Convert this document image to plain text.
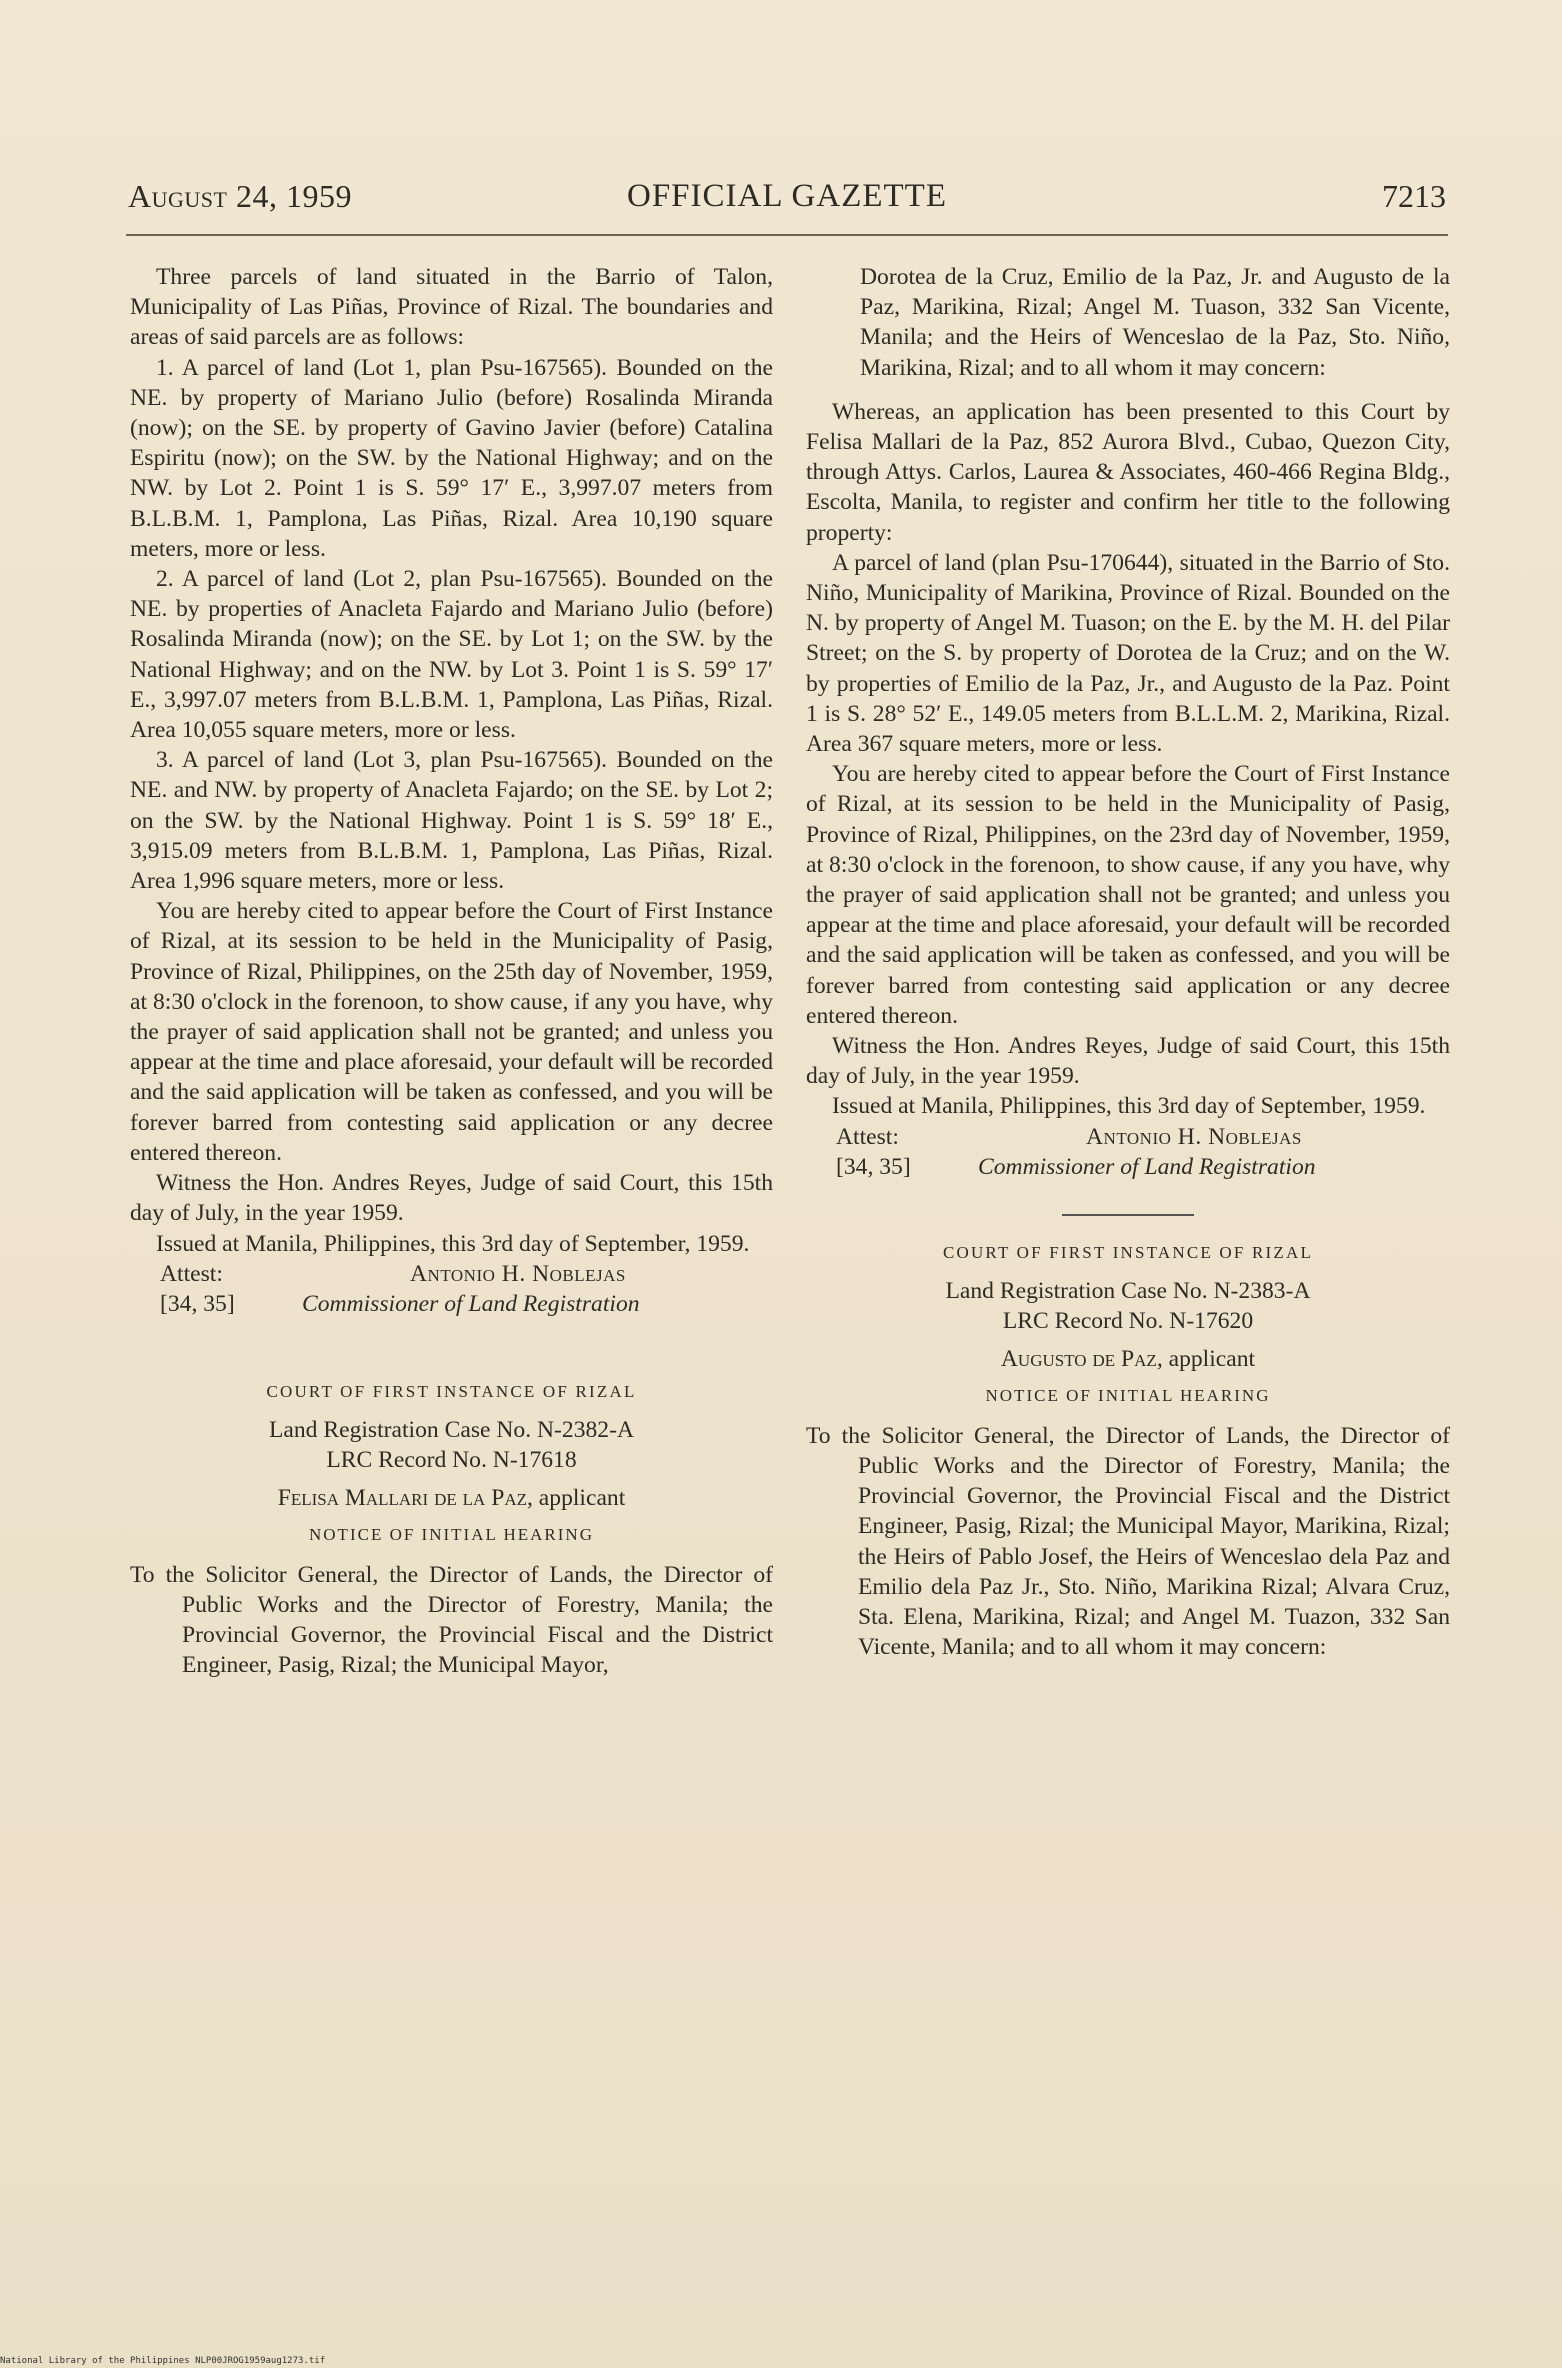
August 24, 1959	OFFICIAL GAZETTE	7213

Three parcels of land situated in the Barrio of Talon, Municipality of Las Piñas, Province of Rizal. The boundaries and areas of said parcels are as follows:

1. A parcel of land (Lot 1, plan Psu-167565). Bounded on the NE. by property of Mariano Julio (before) Rosalinda Miranda (now); on the SE. by property of Gavino Javier (before) Catalina Espiritu (now); on the SW. by the National Highway; and on the NW. by Lot 2. Point 1 is S. 59° 17′ E., 3,997.07 meters from B.L.B.M. 1, Pamplona, Las Piñas, Rizal. Area 10,190 square meters, more or less.

2. A parcel of land (Lot 2, plan Psu-167565). Bounded on the NE. by properties of Anacleta Fajardo and Mariano Julio (before) Rosalinda Miranda (now); on the SE. by Lot 1; on the SW. by the National Highway; and on the NW. by Lot 3. Point 1 is S. 59° 17′ E., 3,997.07 meters from B.L.B.M. 1, Pamplona, Las Piñas, Rizal. Area 10,055 square meters, more or less.

3. A parcel of land (Lot 3, plan Psu-167565). Bounded on the NE. and NW. by property of Anacleta Fajardo; on the SE. by Lot 2; on the SW. by the National Highway. Point 1 is S. 59° 18′ E., 3,915.09 meters from B.L.B.M. 1, Pamplona, Las Piñas, Rizal. Area 1,996 square meters, more or less.

You are hereby cited to appear before the Court of First Instance of Rizal, at its session to be held in the Municipality of Pasig, Province of Rizal, Philippines, on the 25th day of November, 1959, at 8:30 o'clock in the forenoon, to show cause, if any you have, why the prayer of said application shall not be granted; and unless you appear at the time and place aforesaid, your default will be recorded and the said application will be taken as confessed, and you will be forever barred from contesting said application or any decree entered thereon.

Witness the Hon. Andres Reyes, Judge of said Court, this 15th day of July, in the year 1959.

Issued at Manila, Philippines, this 3rd day of September, 1959.

Attest:	Antonio H. Noblejas
[34, 35]	Commissioner of Land Registration
COURT OF FIRST INSTANCE OF RIZAL
Land Registration Case No. N-2382-A
LRC Record No. N-17618
Felisa Mallari de la Paz, applicant
NOTICE OF INITIAL HEARING

To the Solicitor General, the Director of Lands, the Director of Public Works and the Director of Forestry, Manila; the Provincial Governor, the Provincial Fiscal and the District Engineer, Pasig, Rizal; the Municipal Mayor,

Dorotea de la Cruz, Emilio de la Paz, Jr. and Augusto de la Paz, Marikina, Rizal; Angel M. Tuason, 332 San Vicente, Manila; and the Heirs of Wenceslao de la Paz, Sto. Niño, Marikina, Rizal; and to all whom it may concern:

Whereas, an application has been presented to this Court by Felisa Mallari de la Paz, 852 Aurora Blvd., Cubao, Quezon City, through Attys. Carlos, Laurea & Associates, 460-466 Regina Bldg., Escolta, Manila, to register and confirm her title to the following property:

A parcel of land (plan Psu-170644), situated in the Barrio of Sto. Niño, Municipality of Marikina, Province of Rizal. Bounded on the N. by property of Angel M. Tuason; on the E. by the M. H. del Pilar Street; on the S. by property of Dorotea de la Cruz; and on the W. by properties of Emilio de la Paz, Jr., and Augusto de la Paz. Point 1 is S. 28° 52′ E., 149.05 meters from B.L.L.M. 2, Marikina, Rizal. Area 367 square meters, more or less.

You are hereby cited to appear before the Court of First Instance of Rizal, at its session to be held in the Municipality of Pasig, Province of Rizal, Philippines, on the 23rd day of November, 1959, at 8:30 o'clock in the forenoon, to show cause, if any you have, why the prayer of said application shall not be granted; and unless you appear at the time and place aforesaid, your default will be recorded and the said application will be taken as confessed, and you will be forever barred from contesting said application or any decree entered thereon.

Witness the Hon. Andres Reyes, Judge of said Court, this 15th day of July, in the year 1959.

Issued at Manila, Philippines, this 3rd day of September, 1959.

Attest:	Antonio H. Noblejas
[34, 35]	Commissioner of Land Registration
COURT OF FIRST INSTANCE OF RIZAL
Land Registration Case No. N-2383-A
LRC Record No. N-17620
Augusto de Paz, applicant
NOTICE OF INITIAL HEARING

To the Solicitor General, the Director of Lands, the Director of Public Works and the Director of Forestry, Manila; the Provincial Governor, the Provincial Fiscal and the District Engineer, Pasig, Rizal; the Municipal Mayor, Marikina, Rizal; the Heirs of Pablo Josef, the Heirs of Wenceslao dela Paz and Emilio dela Paz Jr., Sto. Niño, Marikina Rizal; Alvara Cruz, Sta. Elena, Marikina, Rizal; and Angel M. Tuazon, 332 San Vicente, Manila; and to all whom it may concern:

National Library of the Philippines NLP00JROG1959aug1273.tif
